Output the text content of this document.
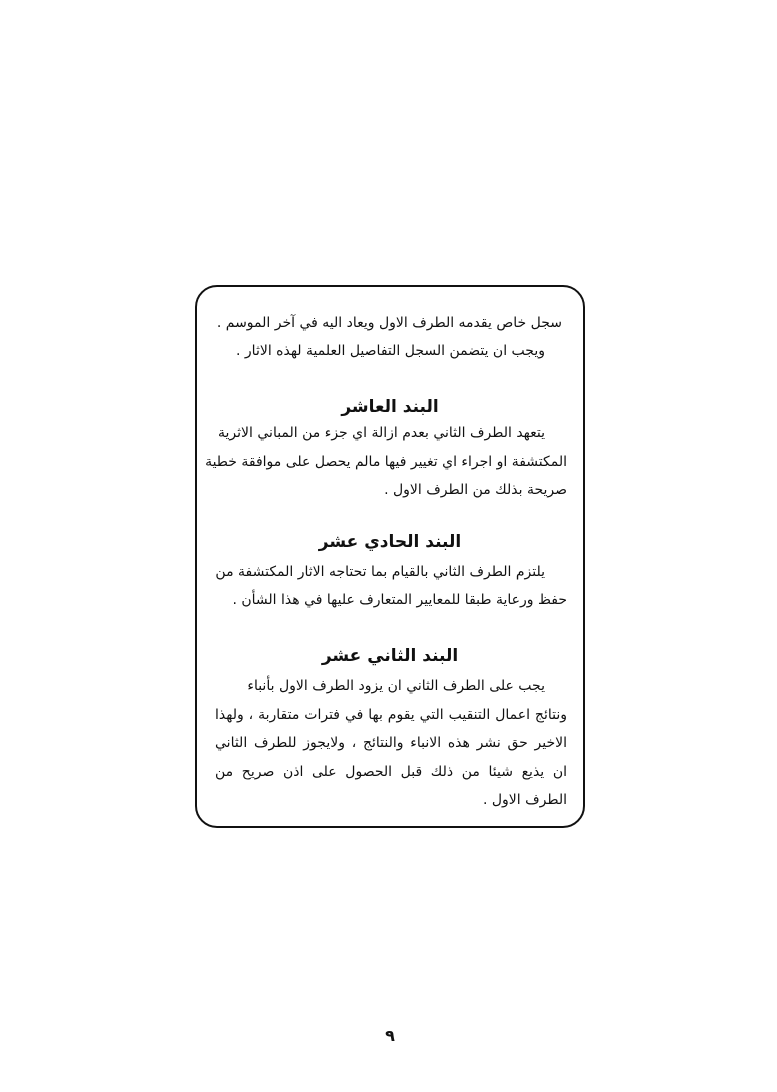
سجل خاص يقدمه الطرف الاول ويعاد اليه في آخر الموسم .
ويجب ان يتضمن السجل التفاصيل العلمية لهذه الاثار .
البند العاشر
يتعهد الطرف الثاني بعدم ازالة اي جزء من المباني الاثرية
المكتشفة او اجراء اي تغيير فيها مالم يحصل على موافقة خطية
صريحة بذلك من الطرف الاول .
البند الحادي عشر
يلتزم الطرف الثاني بالقيام بما تحتاجه الاثار المكتشفة من
حفظ ورعاية طبقا للمعايير المتعارف عليها في هذا الشأن .
البند الثاني عشر
يجب على الطرف الثاني ان يزود الطرف الاول بأنباء
ونتائج اعمال التنقيب التي يقوم بها في فترات متقاربة ، ولهذا
الاخير حق نشر هذه الانباء والنتائج ، ولايجوز للطرف الثاني
ان يذيع شيئا من ذلك قبل الحصول على اذن صريح من
الطرف الاول .
٩
